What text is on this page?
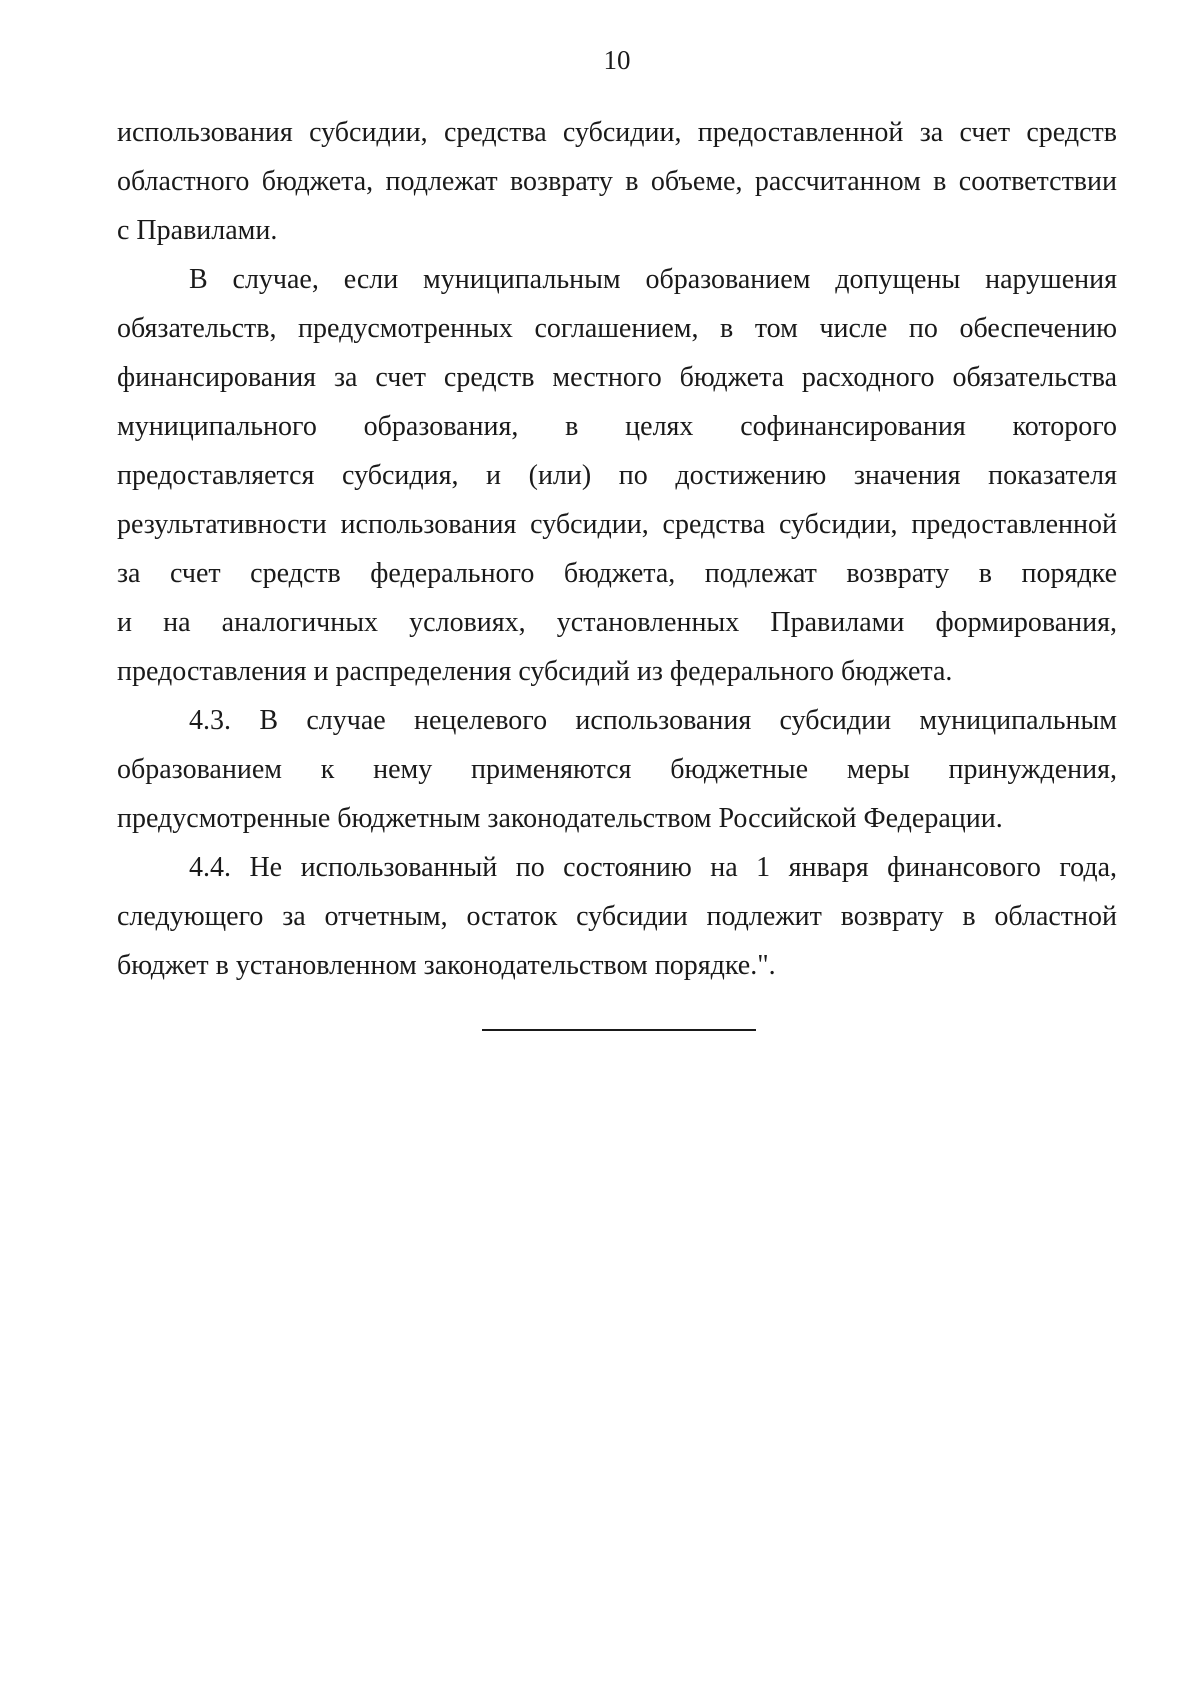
10

использования субсидии, средства субсидии, предоставленной за счет средств
областного бюджета, подлежат возврату в объеме, рассчитанном в соответствии
с Правилами.

В случае, если муниципальным образованием допущены нарушения
обязательств, предусмотренных соглашением, в том числе по обеспечению
финансирования за счет средств местного бюджета расходного обязательства
муниципального образования, в целях софинансирования которого
предоставляется субсидия, и (или) по достижению значения показателя
результативности использования субсидии, средства субсидии, предоставленной
за счет средств федерального бюджета, подлежат возврату в порядке
и на аналогичных условиях, установленных Правилами формирования,
предоставления и распределения субсидий из федерального бюджета.

4.3. В случае нецелевого использования субсидии муниципальным
образованием к нему применяются бюджетные меры принуждения,
предусмотренные бюджетным законодательством Российской Федерации.

4.4. Не использованный по состоянию на 1 января финансового года,
следующего за отчетным, остаток субсидии подлежит возврату в областной
бюджет в установленном законодательством порядке.".
